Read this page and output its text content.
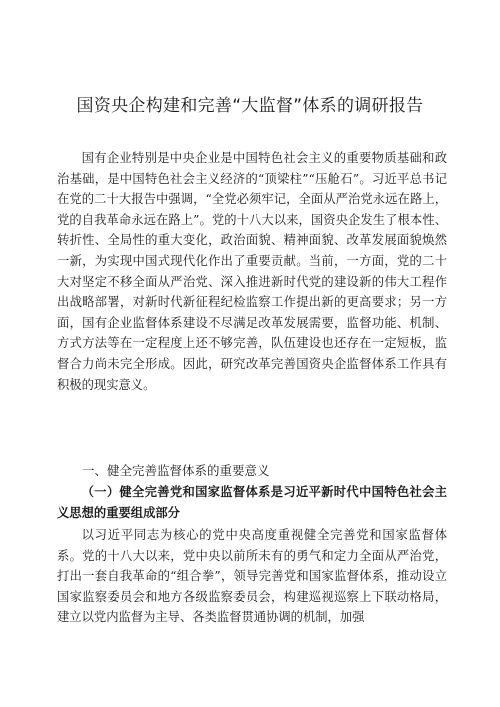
国资央企构建和完善“大监督”体系的调研报告

国有企业特别是中央企业是中国特色社会主义的重要物质基础和政治基础，是中国特色社会主义经济的“顶梁柱”“压舱石”。习近平总书记在党的二十大报告中强调，“全党必须牢记，全面从严治党永远在路上，党的自我革命永远在路上”。党的十八大以来，国资央企发生了根本性、转折性、全局性的重大变化，政治面貌、精神面貌、改革发展面貌焕然一新，为实现中国式现代化作出了重要贡献。当前，一方面，党的二十大对坚定不移全面从严治党、深入推进新时代党的建设新的伟大工程作出战略部署，对新时代新征程纪检监察工作提出新的更高要求；另一方面，国有企业监督体系建设不尽满足改革发展需要，监督功能、机制、方式方法等在一定程度上还不够完善，队伍建设也还存在一定短板，监督合力尚未完全形成。因此，研究改革完善国资央企监督体系工作具有积极的现实意义。

一、健全完善监督体系的重要意义
（一）健全完善党和国家监督体系是习近平新时代中国特色社会主义思想的重要组成部分

以习近平同志为核心的党中央高度重视健全完善党和国家监督体系。党的十八大以来，党中央以前所未有的勇气和定力全面从严治党，打出一套自我革命的“组合拳”，领导完善党和国家监督体系，推动设立国家监察委员会和地方各级监察委员会，构建巡视巡察上下联动格局，建立以党内监督为主导、各类监督贯通协调的机制，加强
